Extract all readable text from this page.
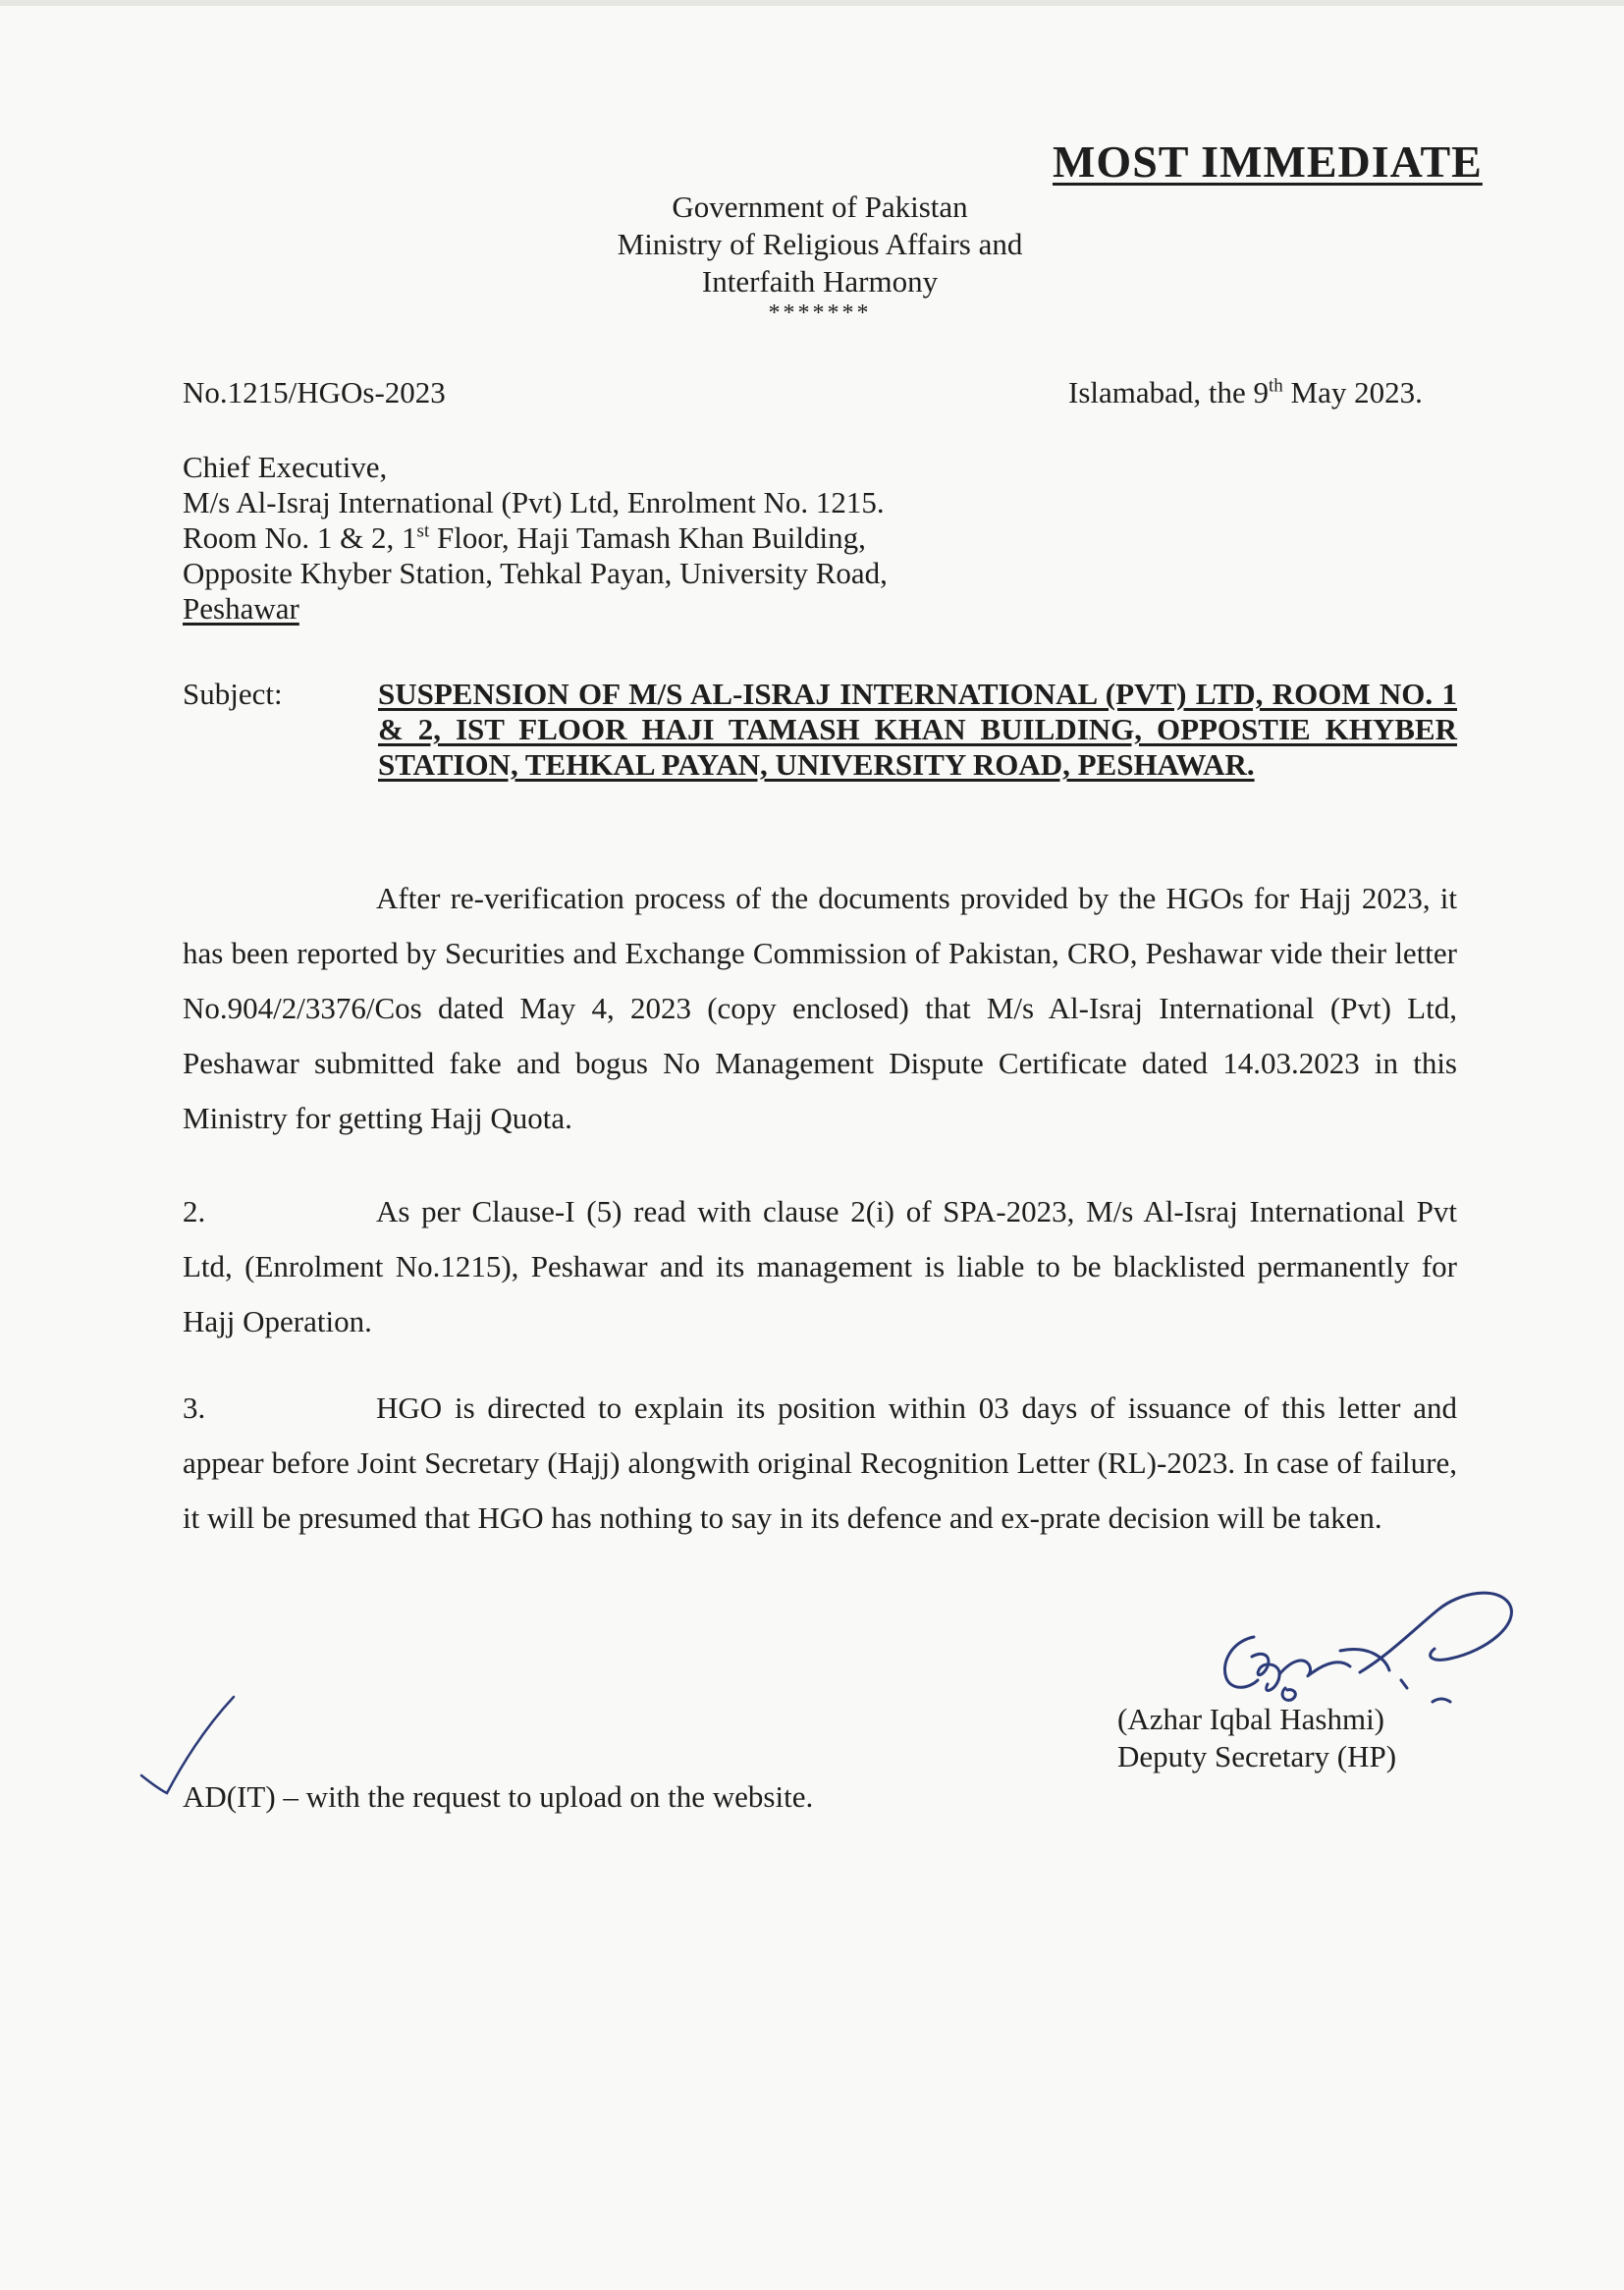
MOST IMMEDIATE
Government of Pakistan
Ministry of Religious Affairs and
Interfaith Harmony
*******
No.1215/HGOs-2023	Islamabad, the 9th May 2023.
Chief Executive,
M/s Al-Israj International (Pvt) Ltd, Enrolment No. 1215.
Room No. 1 & 2, 1st Floor, Haji Tamash Khan Building,
Opposite Khyber Station, Tehkal Payan, University Road,
Peshawar
Subject:	SUSPENSION OF M/S AL-ISRAJ INTERNATIONAL (PVT) LTD, ROOM NO. 1 & 2, IST FLOOR HAJI TAMASH KHAN BUILDING, OPPOSTIE KHYBER STATION, TEHKAL PAYAN, UNIVERSITY ROAD, PESHAWAR.

After re-verification process of the documents provided by the HGOs for Hajj 2023, it has been reported by Securities and Exchange Commission of Pakistan, CRO, Peshawar vide their letter No.904/2/3376/Cos dated May 4, 2023 (copy enclosed) that M/s Al-Israj International (Pvt) Ltd, Peshawar submitted fake and bogus No Management Dispute Certificate dated 14.03.2023 in this Ministry for getting Hajj Quota.

2.	As per Clause-I (5) read with clause 2(i) of SPA-2023, M/s Al-Israj International Pvt Ltd, (Enrolment No.1215), Peshawar and its management is liable to be blacklisted permanently for Hajj Operation.

3.	HGO is directed to explain its position within 03 days of issuance of this letter and appear before Joint Secretary (Hajj) alongwith original Recognition Letter (RL)-2023. In case of failure, it will be presumed that HGO has nothing to say in its defence and ex-prate decision will be taken.

(Azhar Iqbal Hashmi)
Deputy Secretary (HP)
AD(IT) – with the request to upload on the website.
